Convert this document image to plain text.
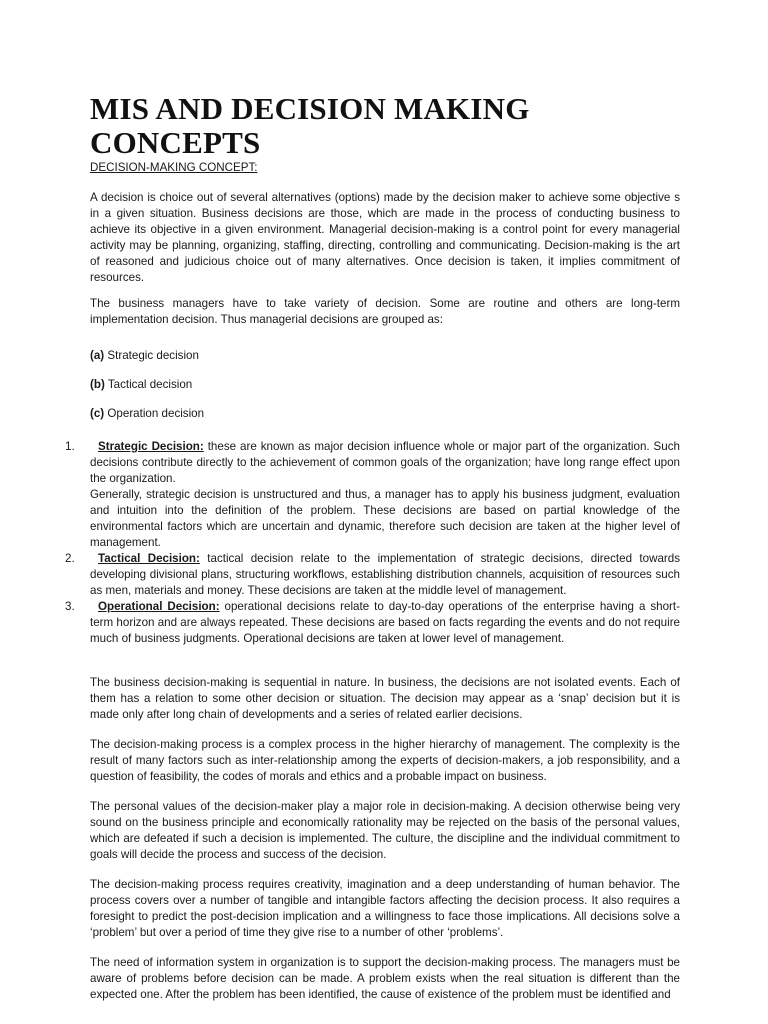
MIS AND DECISION MAKING CONCEPTS
DECISION-MAKING CONCEPT:

A decision is choice out of several alternatives (options) made by the decision maker to achieve some objective s in a given situation. Business decisions are those, which are made in the process of conducting business to achieve its objective in a given environment. Managerial decision-making is a control point for every managerial activity may be planning, organizing, staffing, directing, controlling and communicating. Decision-making is the art of reasoned and judicious choice out of many alternatives. Once decision is taken, it implies commitment of resources.

The business managers have to take variety of decision. Some are routine and others are long-term implementation decision. Thus managerial decisions are grouped as:

(a) Strategic decision
(b) Tactical decision
(c) Operation decision
1. Strategic Decision: these are known as major decision influence whole or major part of the organization. Such decisions contribute directly to the achievement of common goals of the organization; have long range effect upon the organization.
Generally, strategic decision is unstructured and thus, a manager has to apply his business judgment, evaluation and intuition into the definition of the problem. These decisions are based on partial knowledge of the environmental factors which are uncertain and dynamic, therefore such decision are taken at the higher level of management.
2. Tactical Decision: tactical decision relate to the implementation of strategic decisions, directed towards developing divisional plans, structuring workflows, establishing distribution channels, acquisition of resources such as men, materials and money. These decisions are taken at the middle level of management.
3. Operational Decision: operational decisions relate to day-to-day operations of the enterprise having a short-term horizon and are always repeated. These decisions are based on facts regarding the events and do not require much of business judgments. Operational decisions are taken at lower level of management.

The business decision-making is sequential in nature. In business, the decisions are not isolated events. Each of them has a relation to some other decision or situation. The decision may appear as a ‘snap’ decision but it is made only after long chain of developments and a series of related earlier decisions.

The decision-making process is a complex process in the higher hierarchy of management. The complexity is the result of many factors such as inter-relationship among the experts of decision-makers, a job responsibility, and a question of feasibility, the codes of morals and ethics and a probable impact on business.

The personal values of the decision-maker play a major role in decision-making. A decision otherwise being very sound on the business principle and economically rationality may be rejected on the basis of the personal values, which are defeated if such a decision is implemented. The culture, the discipline and the individual commitment to goals will decide the process and success of the decision.

The decision-making process requires creativity, imagination and a deep understanding of human behavior. The process covers over a number of tangible and intangible factors affecting the decision process. It also requires a foresight to predict the post-decision implication and a willingness to face those implications. All decisions solve a ‘problem’ but over a period of time they give rise to a number of other ‘problems’.

The need of information system in organization is to support the decision-making process. The managers must be aware of problems before decision can be made. A problem exists when the real situation is different than the expected one. After the problem has been identified, the cause of existence of the problem must be identified and
